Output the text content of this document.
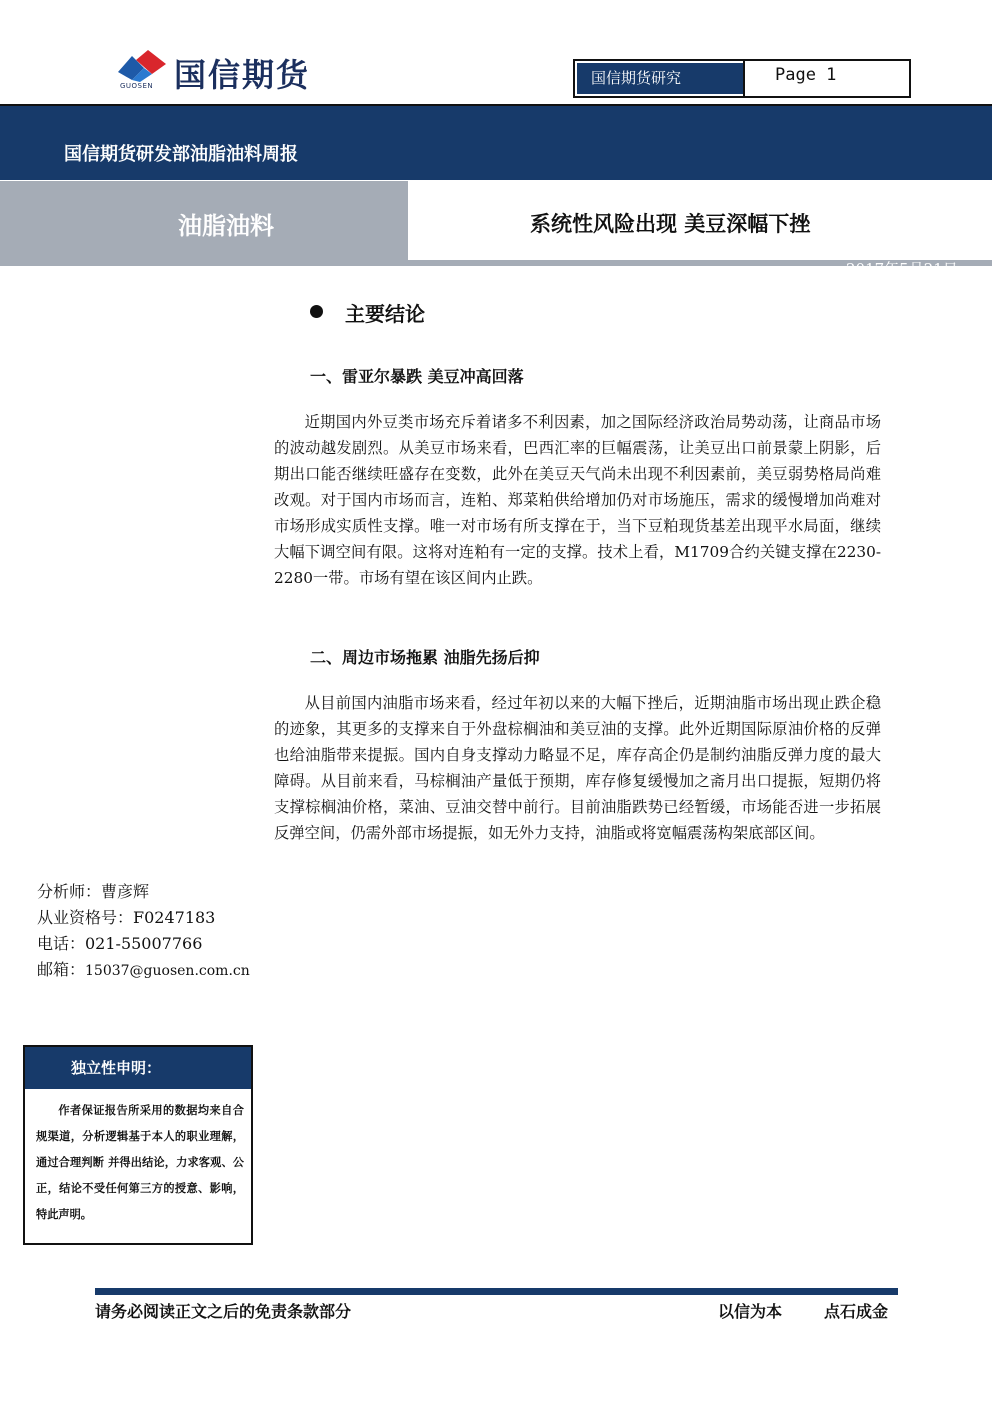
国信期货
GUOSEN	国信期货研究	Page 1
国信期货研发部油脂油料周报
油脂油料	系统性风险出现 美豆深幅下挫
2017年5月21日
主要结论
一、雷亚尔暴跌 美豆冲高回落

近期国内外豆类市场充斥着诸多不利因素，加之国际经济政治局势动荡，让商品市场的波动越发剧烈。从美豆市场来看，巴西汇率的巨幅震荡，让美豆出口前景蒙上阴影，后期出口能否继续旺盛存在变数，此外在美豆天气尚未出现不利因素前，美豆弱势格局尚难改观。对于国内市场而言，连粕、郑菜粕供给增加仍对市场施压，需求的缓慢增加尚难对市场形成实质性支撑。唯一对市场有所支撑在于，当下豆粕现货基差出现平水局面，继续大幅下调空间有限。这将对连粕有一定的支撑。技术上看，M1709合约关键支撑在2230-2280一带。市场有望在该区间内止跌。

二、周边市场拖累 油脂先扬后抑

从目前国内油脂市场来看，经过年初以来的大幅下挫后，近期油脂市场出现止跌企稳的迹象，其更多的支撑来自于外盘棕榈油和美豆油的支撑。此外近期国际原油价格的反弹也给油脂带来提振。国内自身支撑动力略显不足，库存高企仍是制约油脂反弹力度的最大障碍。从目前来看，马棕榈油产量低于预期，库存修复缓慢加之斋月出口提振，短期仍将支撑棕榈油价格，菜油、豆油交替中前行。目前油脂跌势已经暂缓，市场能否进一步拓展反弹空间，仍需外部市场提振，如无外力支持，油脂或将宽幅震荡构架底部区间。

分析师：曹彦辉
从业资格号：F0247183
电话：021-55007766
邮箱：15037@guosen.com.cn
独立性申明：

作者保证报告所采用的数据均来自合规渠道，分析逻辑基于本人的职业理解，通过合理判断 并得出结论，力求客观、公正，结论不受任何第三方的授意、影响，特此声明。

请务必阅读正文之后的免责条款部分	以信为本	点石成金
